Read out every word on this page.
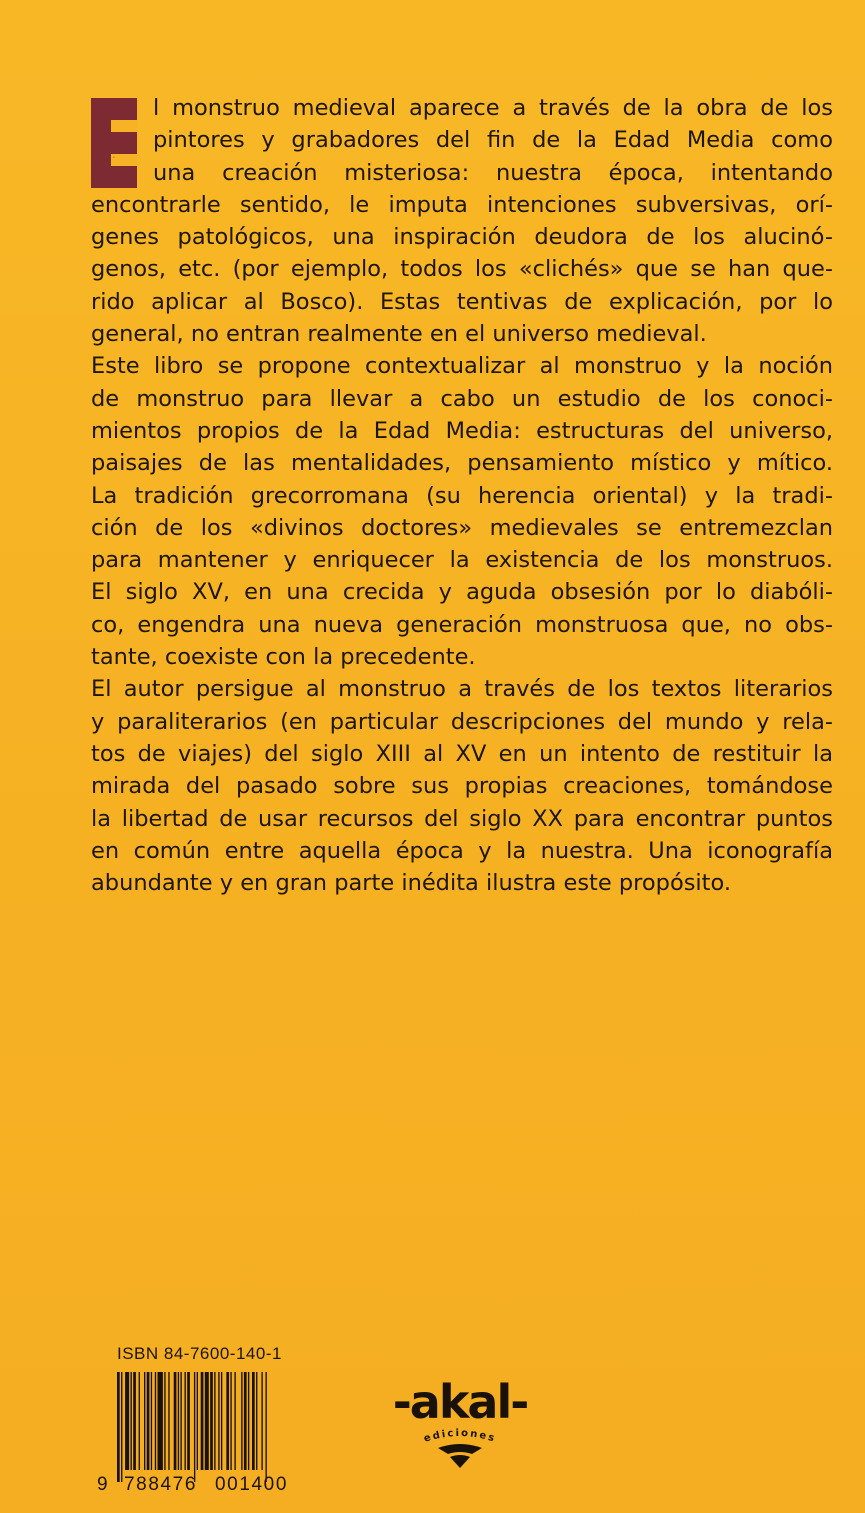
E
l monstruo medieval aparece a través de la obra de los
pintores y grabadores del fin de la Edad Media como
una creación misteriosa: nuestra época, intentando
encontrarle sentido, le imputa intenciones subversivas, orí-
genes patológicos, una inspiración deudora de los alucinó-
genos, etc. (por ejemplo, todos los «clichés» que se han que-
rido aplicar al Bosco). Estas tentivas de explicación, por lo
general, no entran realmente en el universo medieval.
Este libro se propone contextualizar al monstruo y la noción
de monstruo para llevar a cabo un estudio de los conoci-
mientos propios de la Edad Media: estructuras del universo,
paisajes de las mentalidades, pensamiento místico y mítico.
La tradición grecorromana (su herencia oriental) y la tradi-
ción de los «divinos doctores» medievales se entremezclan
para mantener y enriquecer la existencia de los monstruos.
El siglo XV, en una crecida y aguda obsesión por lo diabóli-
co, engendra una nueva generación monstruosa que, no obs-
tante, coexiste con la precedente.
El autor persigue al monstruo a través de los textos literarios
y paraliterarios (en particular descripciones del mundo y rela-
tos de viajes) del siglo XIII al XV en un intento de restituir la
mirada del pasado sobre sus propias creaciones, tomándose
la libertad de usar recursos del siglo XX para encontrar puntos
en común entre aquella época y la nuestra. Una iconografía
abundante y en gran parte inédita ilustra este propósito.
ISBN 84-7600-140-1
9 788476 001400
-akal-
ediciones
